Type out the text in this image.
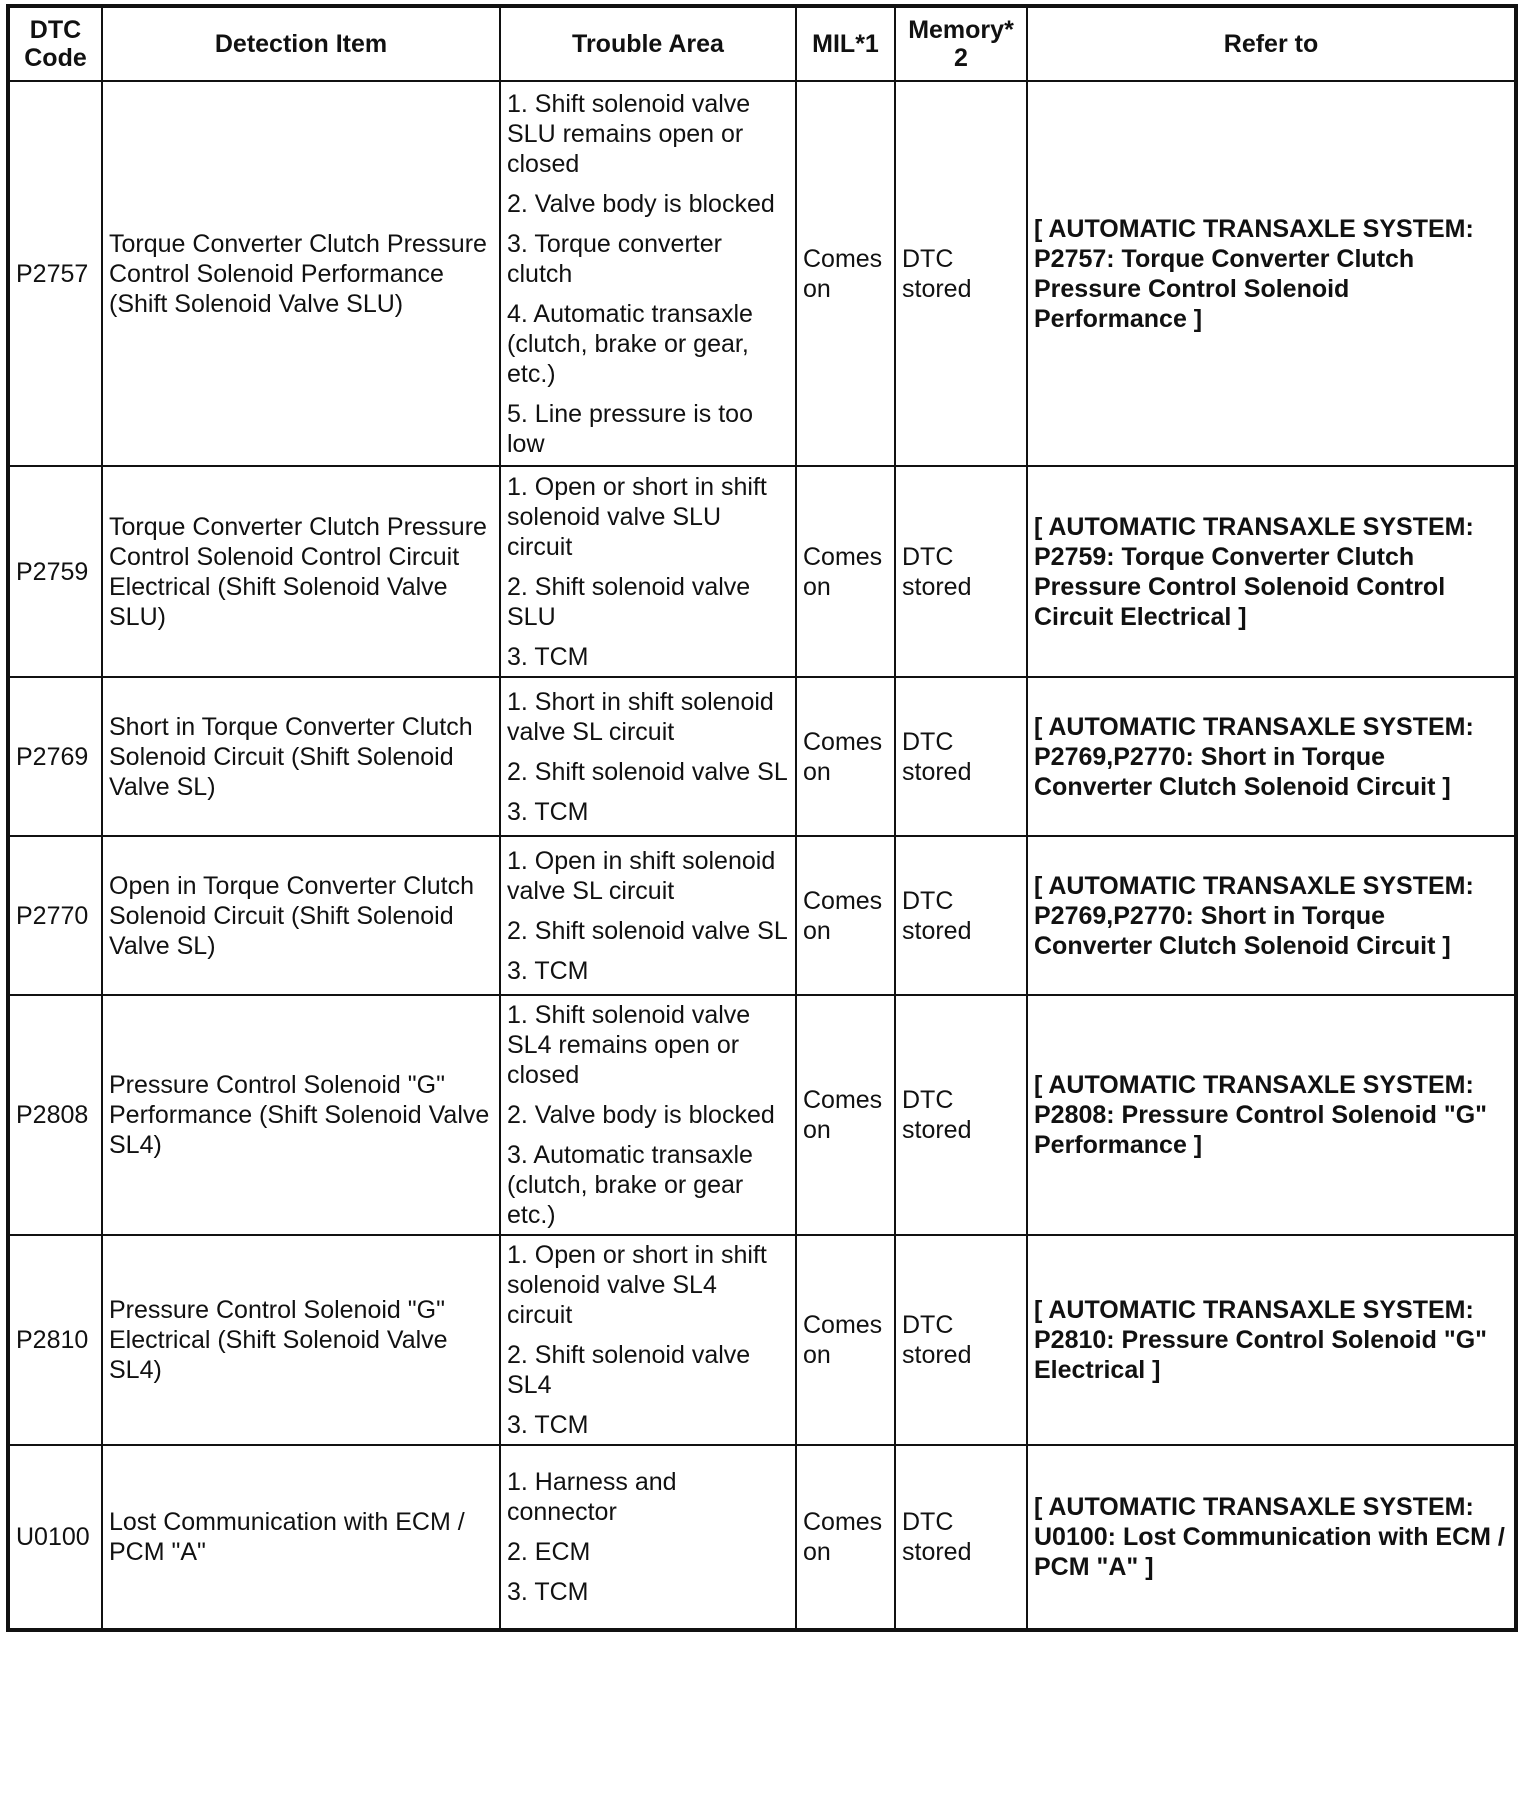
DTC
Code	Detection Item	Trouble Area	MIL*1	Memory*2	Refer to
P2757	Torque Converter Clutch Pressure Control Solenoid Performance (Shift Solenoid Valve SLU)	1. Shift solenoid valve SLU remains open or closed
2. Valve body is blocked
3. Torque converter clutch
4. Automatic transaxle (clutch, brake or gear, etc.)
5. Line pressure is too low	Comes on	DTC stored	[ AUTOMATIC TRANSAXLE SYSTEM: P2757: Torque Converter Clutch Pressure Control Solenoid Performance ]
P2759	Torque Converter Clutch Pressure Control Solenoid Control Circuit Electrical (Shift Solenoid Valve SLU)	1. Open or short in shift solenoid valve SLU circuit
2. Shift solenoid valve SLU
3. TCM	Comes on	DTC stored	[ AUTOMATIC TRANSAXLE SYSTEM: P2759: Torque Converter Clutch Pressure Control Solenoid Control Circuit Electrical ]
P2769	Short in Torque Converter Clutch Solenoid Circuit (Shift Solenoid Valve SL)	1. Short in shift solenoid valve SL circuit
2. Shift solenoid valve SL
3. TCM	Comes on	DTC stored	[ AUTOMATIC TRANSAXLE SYSTEM: P2769,P2770: Short in Torque Converter Clutch Solenoid Circuit ]
P2770	Open in Torque Converter Clutch Solenoid Circuit (Shift Solenoid Valve SL)	1. Open in shift solenoid valve SL circuit
2. Shift solenoid valve SL
3. TCM	Comes on	DTC stored	[ AUTOMATIC TRANSAXLE SYSTEM: P2769,P2770: Short in Torque Converter Clutch Solenoid Circuit ]
P2808	Pressure Control Solenoid "G" Performance (Shift Solenoid Valve SL4)	1. Shift solenoid valve SL4 remains open or closed
2. Valve body is blocked
3. Automatic transaxle (clutch, brake or gear etc.)	Comes on	DTC stored	[ AUTOMATIC TRANSAXLE SYSTEM: P2808: Pressure Control Solenoid "G" Performance ]
P2810	Pressure Control Solenoid "G" Electrical (Shift Solenoid Valve SL4)	1. Open or short in shift solenoid valve SL4 circuit
2. Shift solenoid valve SL4
3. TCM	Comes on	DTC stored	[ AUTOMATIC TRANSAXLE SYSTEM: P2810: Pressure Control Solenoid "G" Electrical ]
U0100	Lost Communication with ECM / PCM "A"	1. Harness and connector
2. ECM
3. TCM	Comes on	DTC stored	[ AUTOMATIC TRANSAXLE SYSTEM: U0100: Lost Communication with ECM / PCM "A" ]
